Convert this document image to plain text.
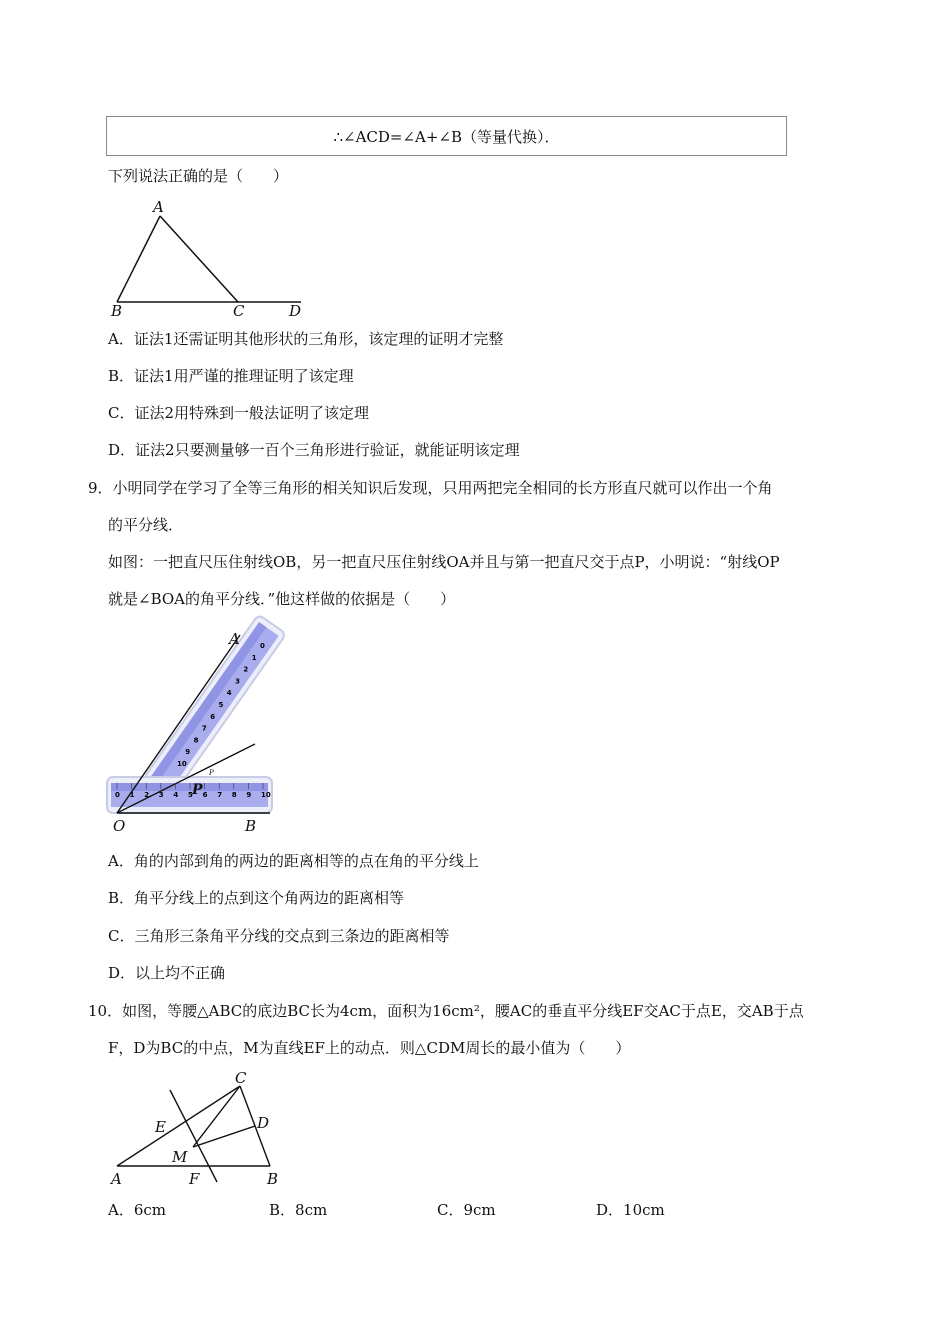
∴∠ACD=∠A+∠B（等量代换）．
下列说法正确的是（　　）
A
B	C	D
A．证法1还需证明其他形状的三角形，该定理的证明才完整
B．证法1用严谨的推理证明了该定理
C．证法2用特殊到一般法证明了该定理
D．证法2只要测量够一百个三角形进行验证，就能证明该定理
9．小明同学在学习了全等三角形的相关知识后发现，只用两把完全相同的长方形直尺就可以作出一个角
的平分线．
如图：一把直尺压住射线OB，另一把直尺压住射线OA并且与第一把直尺交于点P，小明说：“射线OP
就是∠BOA的角平分线．”他这样做的依据是（　　）
0 1 2 3 4 5 6 7 8 9 10
0
1
2
3
4
5
6
7
8
9
10
A
O	B
P
P
A．角的内部到角的两边的距离相等的点在角的平分线上
B．角平分线上的点到这个角两边的距离相等
C．三角形三条角平分线的交点到三条边的距离相等
D．以上均不正确
10．如图，等腰△ABC的底边BC长为4cm，面积为16cm²，腰AC的垂直平分线EF交AC于点E，交AB于点
F，D为BC的中点，M为直线EF上的动点．则△CDM周长的最小值为（　　）
C
D
E
M
A	F	B
A．6cm	B．8cm	C．9cm	D．10cm
